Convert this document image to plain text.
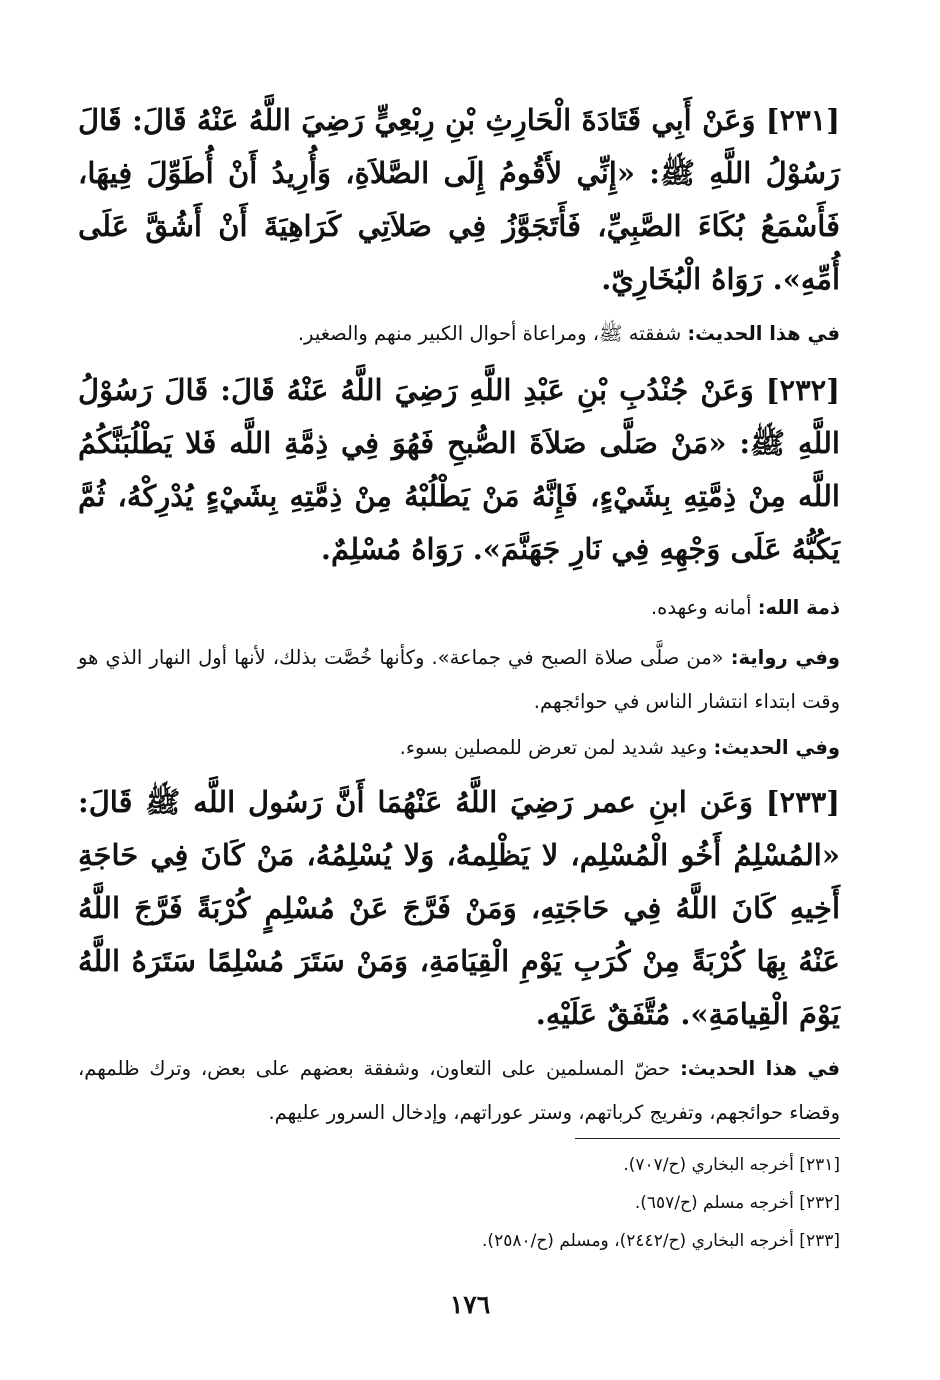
[٢٣١] وَعَنْ أَبِي قَتَادَةَ الْحَارِثِ بْنِ رِبْعِيٍّ رَضِيَ اللَّهُ عَنْهُ قَالَ: قَالَ رَسُوْلُ اللَّهِ ﷺ: «إِنِّي لأَقُومُ إِلَى الصَّلاَةِ، وَأُرِيدُ أَنْ أُطَوِّلَ فِيهَا، فَأَسْمَعُ بُكَاءَ الصَّبِيِّ، فَأَتَجَوَّزُ فِي صَلاَتِي كَرَاهِيَةَ أَنْ أَشُقَّ عَلَى أُمِّهِ». رَوَاهُ الْبُخَارِيّ.

في هذا الحديث: شفقته ﷺ، ومراعاة أحوال الكبير منهم والصغير.

[٢٣٢] وَعَنْ جُنْدُبِ بْنِ عَبْدِ اللَّهِ رَضِيَ اللَّهُ عَنْهُ قَالَ: قَالَ رَسُوْلُ اللَّهِ ﷺ: «مَنْ صَلَّى صَلاَةَ الصُّبحِ فَهُوَ فِي ذِمَّةِ اللَّه فَلا يَطْلُبَنَّكُمُ اللَّه مِنْ ذِمَّتِهِ بِشَيْءٍ، فَإِنَّهُ مَنْ يَطْلُبْهُ مِنْ ذِمَّتِهِ بِشَيْءٍ يُدْرِكْهُ، ثُمَّ يَكُبُّهُ عَلَى وَجْهِهِ فِي نَارِ جَهَنَّمَ». رَوَاهُ مُسْلِمٌ.

ذمة الله: أمانه وعهده.

وفي رواية: «من صلَّى صلاة الصبح في جماعة». وكأنها خُصَّت بذلك، لأنها أول النهار الذي هو وقت ابتداء انتشار الناس في حوائجهم.

وفي الحديث: وعيد شديد لمن تعرض للمصلين بسوء.

[٢٣٣] وَعَن ابنِ عمر رَضِيَ اللَّهُ عَنْهُمَا أَنَّ رَسُول اللَّه ﷺ قَالَ: «المُسْلِمُ أَخُو الْمُسْلِم، لا يَظْلِمهُ، وَلا يُسْلِمُهُ، مَنْ كَانَ فِي حَاجَةِ أَخِيهِ كَانَ اللَّهُ فِي حَاجَتِهِ، وَمَنْ فَرَّجَ عَنْ مُسْلِمٍ كُرْبَةً فَرَّجَ اللَّهُ عَنْهُ بِهَا كُرْبَةً مِنْ كُرَبِ يَوْمِ الْقِيَامَةِ، وَمَنْ سَتَرَ مُسْلِمًا سَتَرَهُ اللَّهُ يَوْمَ الْقِيامَةِ». مُتَّفَقٌ عَلَيْهِ.

في هذا الحديث: حضّ المسلمين على التعاون، وشفقة بعضهم على بعض، وترك ظلمهم، وقضاء حوائجهم، وتفريج كرباتهم، وستر عوراتهم، وإدخال السرور عليهم.

[٢٣١] أخرجه البخاري (ح/٧٠٧).
[٢٣٢] أخرجه مسلم (ح/٦٥٧).
[٢٣٣] أخرجه البخاري (ح/٢٤٤٢)، ومسلم (ح/٢٥٨٠).
١٧٦
